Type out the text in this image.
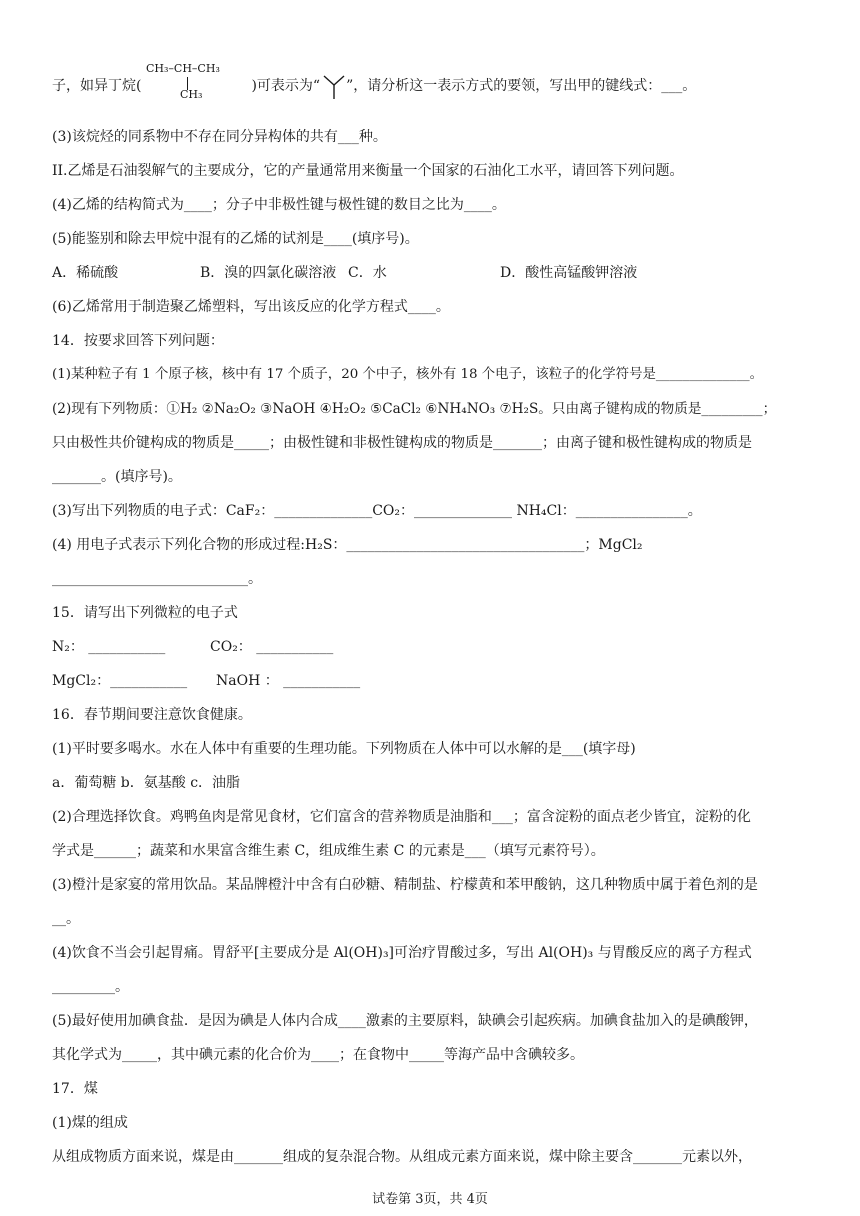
子，如异丁烷(	)可表示为“ ”，请分析这一表示方式的要领，写出甲的键线式：___。
CH₃–CH–CH₃
CH₃
(3)该烷烃的同系物中不存在同分异构体的共有___种。
II.乙烯是石油裂解气的主要成分，它的产量通常用来衡量一个国家的石油化工水平，请回答下列问题。
(4)乙烯的结构简式为____；分子中非极性键与极性键的数目之比为____。
(5)能鉴别和除去甲烷中混有的乙烯的试剂是____(填序号)。
A．稀硫酸	B．溴的四氯化碳溶液 C．水	D．酸性高锰酸钾溶液
(6)乙烯常用于制造聚乙烯塑料，写出该反应的化学方程式____。
14．按要求回答下列问题：
(1)某种粒子有 1 个原子核，核中有 17 个质子，20 个中子，核外有 18 个电子，该粒子的化学符号是______________。
(2)现有下列物质：①H₂ ②Na₂O₂ ③NaOH ④H₂O₂ ⑤CaCl₂ ⑥NH₄NO₃ ⑦H₂S。只由离子键构成的物质是_________；
只由极性共价键构成的物质是_____；由极性键和非极性键构成的物质是_______；由离子键和极性键构成的物质是
_______。(填序号)。
(3)写出下列物质的电子式：CaF₂：______________CO₂：______________ NH₄Cl：________________。
(4) 用电子式表示下列化合物的形成过程:H₂S：__________________________________；MgCl₂
____________________________。
15．请写出下列微粒的电子式
N₂： ___________	CO₂： ___________
MgCl₂：___________ NaOH ： ___________
16．春节期间要注意饮食健康。
(1)平时要多喝水。水在人体中有重要的生理功能。下列物质在人体中可以水解的是___(填字母)
a．葡萄糖 b．氨基酸 c．油脂
(2)合理选择饮食。鸡鸭鱼肉是常见食材，它们富含的营养物质是油脂和___；富含淀粉的面点老少皆宜，淀粉的化
学式是______；蔬菜和水果富含维生素 C，组成维生素 C 的元素是___（填写元素符号）。
(3)橙汁是家宴的常用饮品。某品牌橙汁中含有白砂糖、精制盐、柠檬黄和苯甲酸钠，这几种物质中属于着色剂的是
__。
(4)饮食不当会引起胃痛。胃舒平[主要成分是 Al(OH)₃]可治疗胃酸过多，写出 Al(OH)₃ 与胃酸反应的离子方程式
_________。
(5)最好使用加碘食盐．是因为碘是人体内合成____激素的主要原料，缺碘会引起疾病。加碘食盐加入的是碘酸钾，
其化学式为_____，其中碘元素的化合价为____；在食物中_____等海产品中含碘较多。
17．煤
(1)煤的组成
从组成物质方面来说，煤是由_______组成的复杂混合物。从组成元素方面来说，煤中除主要含_______元素以外，
试卷第 3页，共 4页
